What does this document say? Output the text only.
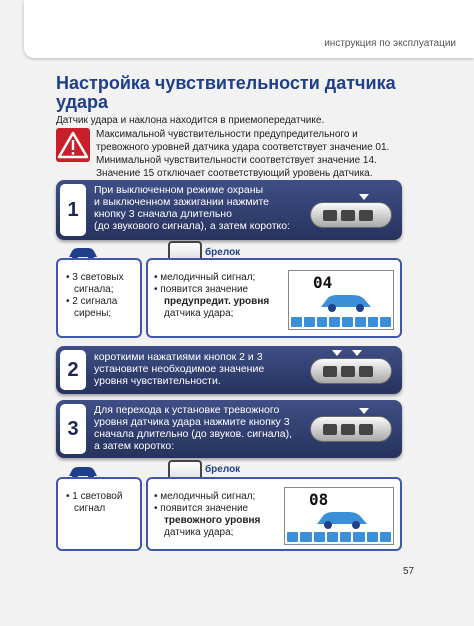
инструкция по эксплуатации
Настройка чувствительности датчика удара
Датчик удара и наклона находится в приемопередатчике.
Максимальной чувствительности предупредительного и
тревожного уровней датчика удара соответствует значение 01.
Минимальной чувствительности соответствует значение 14.
Значение 15 отключает соответствующий уровень датчика.
1
При выключенном режиме охраны
и выключенном зажигании нажмите
кнопку 3 сначала длительно
(до звукового сигнала), а затем коротко:
брелок
• 3 световых
сигнала;
• 2 сигнала
сирены;
• мелодичный сигнал;
• появится значение
предупредит. уровня
датчика удара;
04
2
короткими нажатиями кнопок 2 и 3
установите необходимое значение
уровня чувствительности.
3
Для перехода к установке тревожного
уровня датчика удара нажмите кнопку 3
сначала длительно (до звуков. сигнала),
а затем коротко:
брелок
• 1 световой
сигнал
• мелодичный сигнал;
• появится значение
тревожного уровня
датчика удара;
08
57
